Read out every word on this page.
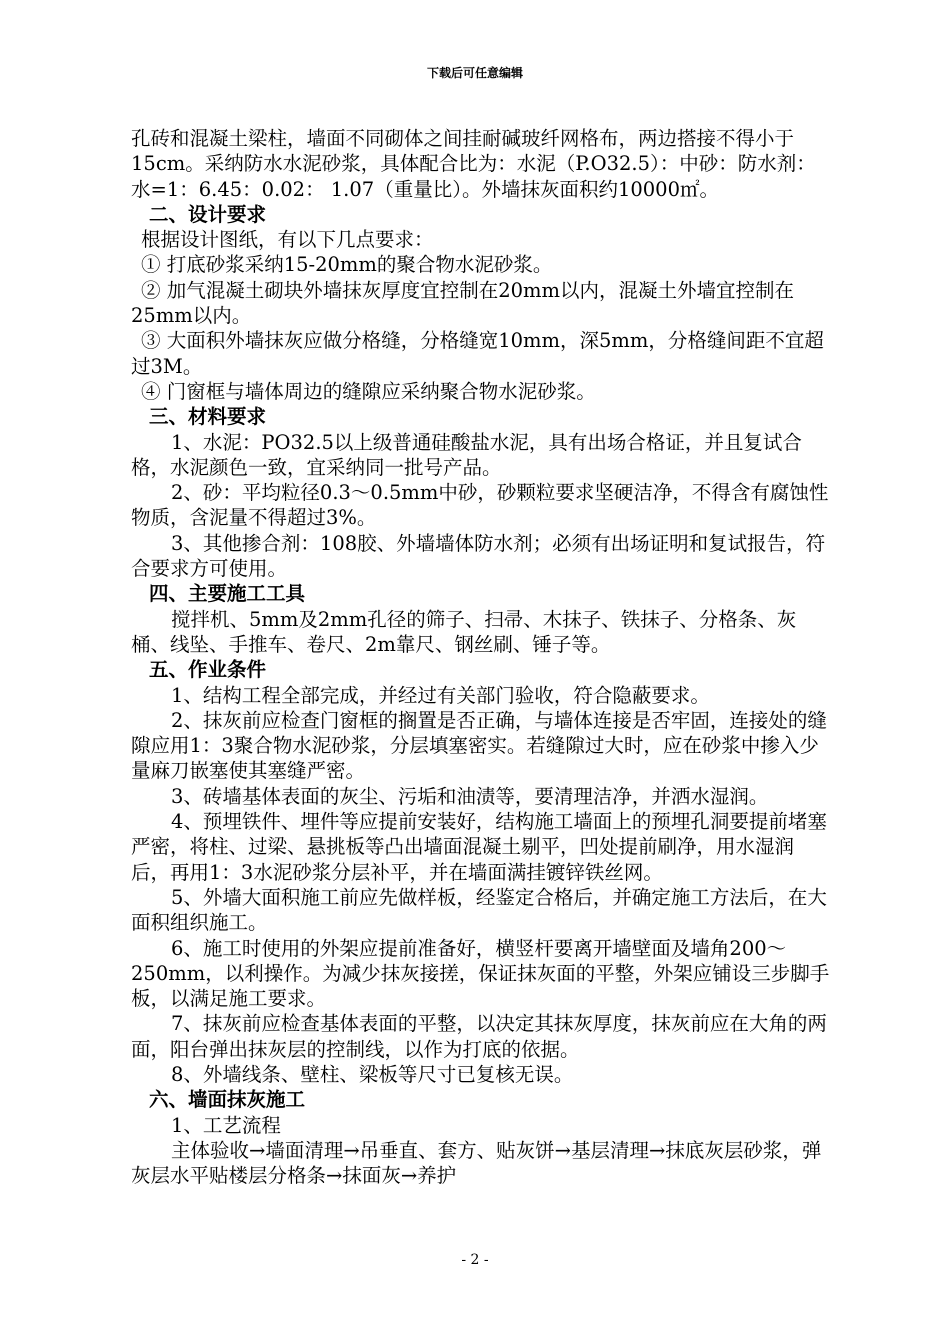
下载后可任意编辑

孔砖和混凝土梁柱，墙面不同砌体之间挂耐碱玻纤网格布，两边搭接不得小于15cm。采纳防水水泥砂浆，具体配合比为：水泥（P.O32.5）：中砂：防水剂：水=1：6.45：0.02： 1.07（重量比）。外墙抹灰面积约10000㎡。

二、设计要求

根据设计图纸，有以下几点要求：

① 打底砂浆采纳15-20mm的聚合物水泥砂浆。

② 加气混凝土砌块外墙抹灰厚度宜控制在20mm以内，混凝土外墙宜控制在25mm以内。

③ 大面积外墙抹灰应做分格缝，分格缝宽10mm，深5mm，分格缝间距不宜超过3M。

④ 门窗框与墙体周边的缝隙应采纳聚合物水泥砂浆。

三、材料要求

1、水泥：PO32.5以上级普通硅酸盐水泥，具有出场合格证，并且复试合格，水泥颜色一致，宜采纳同一批号产品。

2、砂：平均粒径0.3～0.5mm中砂，砂颗粒要求坚硬洁净，不得含有腐蚀性物质，含泥量不得超过3%。

3、其他掺合剂：108胶、外墙墙体防水剂；必须有出场证明和复试报告，符合要求方可使用。

四、主要施工工具

搅拌机、5mm及2mm孔径的筛子、扫帚、木抹子、铁抹子、分格条、灰桶、线坠、手推车、卷尺、2m靠尺、钢丝刷、锤子等。

五、作业条件

1、结构工程全部完成，并经过有关部门验收，符合隐蔽要求。

2、抹灰前应检查门窗框的搁置是否正确，与墙体连接是否牢固，连接处的缝隙应用1：3聚合物水泥砂浆，分层填塞密实。若缝隙过大时，应在砂浆中掺入少量麻刀嵌塞使其塞缝严密。

3、砖墙基体表面的灰尘、污垢和油渍等，要清理洁净，并洒水湿润。

4、预埋铁件、埋件等应提前安装好，结构施工墙面上的预埋孔洞要提前堵塞严密，将柱、过梁、悬挑板等凸出墙面混凝土剔平，凹处提前刷净，用水湿润后，再用1：3水泥砂浆分层补平，并在墙面满挂镀锌铁丝网。

5、外墙大面积施工前应先做样板，经鉴定合格后，并确定施工方法后，在大面积组织施工。

6、施工时使用的外架应提前准备好，横竖杆要离开墙壁面及墙角200～250mm，以利操作。为减少抹灰接搓，保证抹灰面的平整，外架应铺设三步脚手板，以满足施工要求。

7、抹灰前应检查基体表面的平整，以决定其抹灰厚度，抹灰前应在大角的两面，阳台弹出抹灰层的控制线，以作为打底的依据。

8、外墙线条、壁柱、梁板等尺寸已复核无误。

六、墙面抹灰施工

1、工艺流程

主体验收→墙面清理→吊垂直、套方、贴灰饼→基层清理→抹底灰层砂浆，弹灰层水平贴楼层分格条→抹面灰→养护

- 2 -
